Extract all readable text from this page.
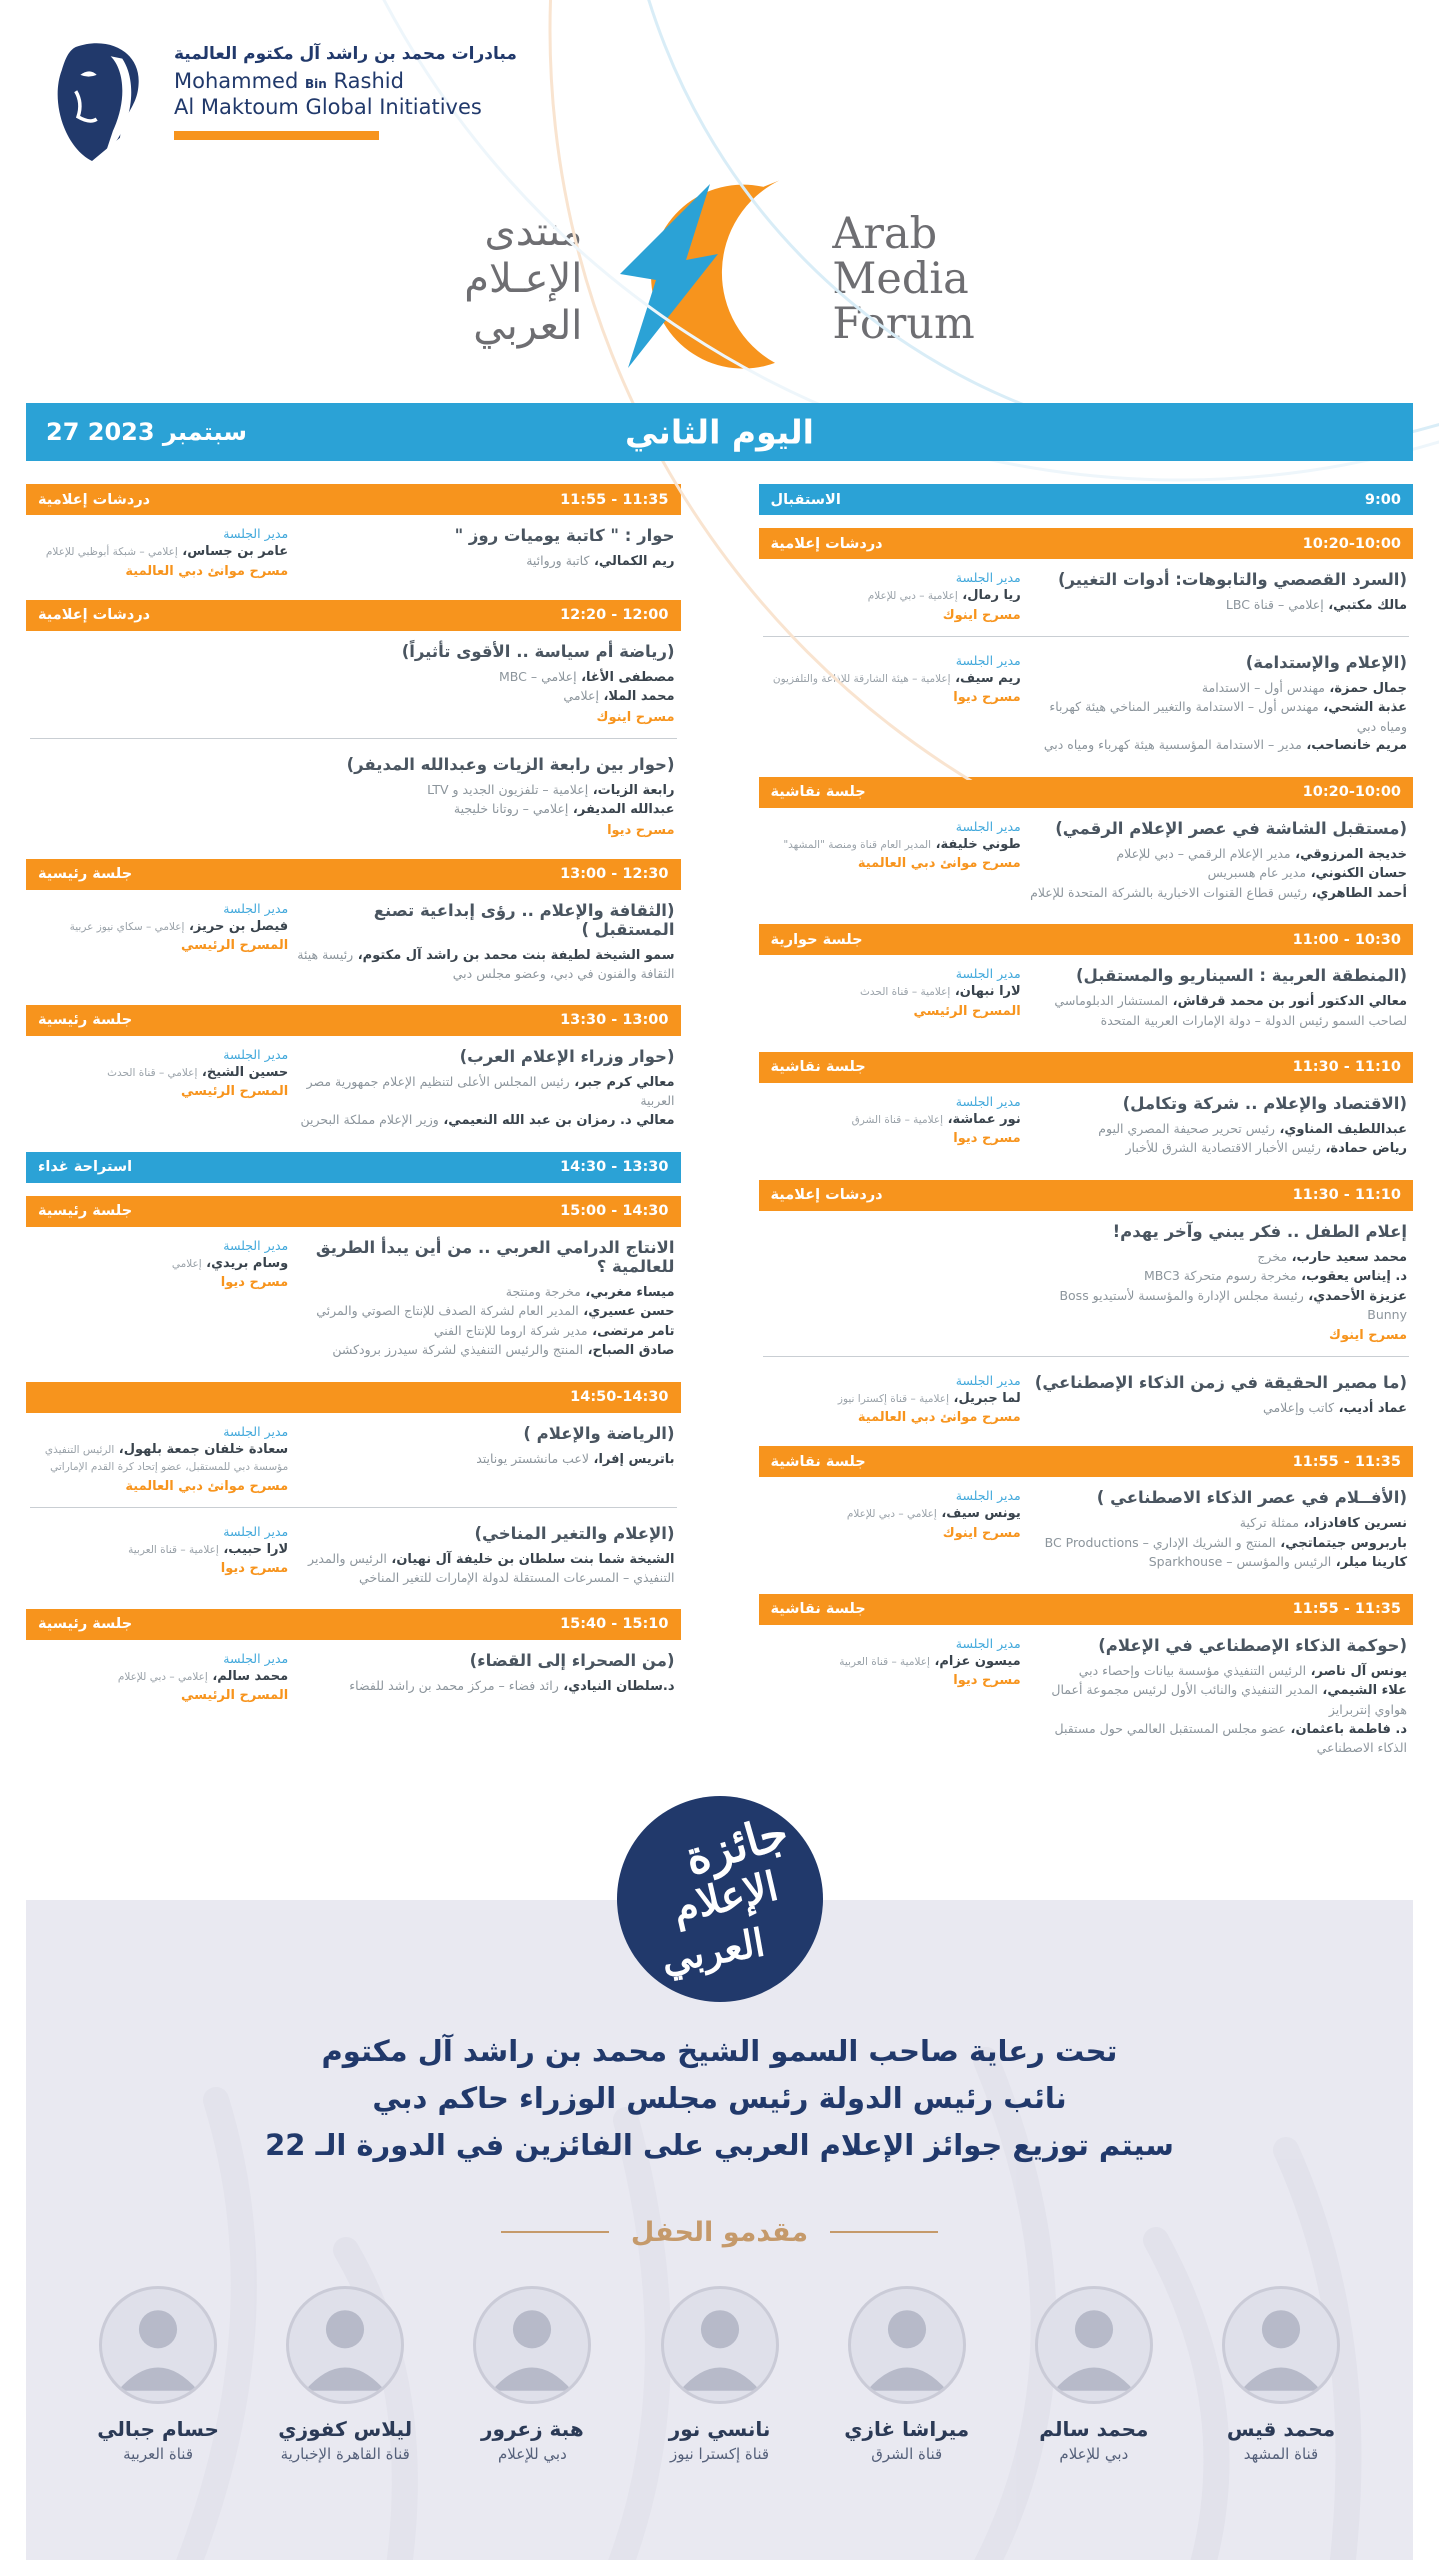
مبادرات محمد بن راشد آل مكتوم العالمية
Mohammed Bin Rashid
Al Maktoum Global Initiatives
Arab
Media
Forum
منتدى
الإعـلام
العربي
اليوم الثاني
27 سبتمبر 2023
9:00
الاستقبال
10:20-10:00
دردشات إعلامية
(السرد القصصي والتابوهات: أدوات التغيير)
مالك مكتبي، إعلامي – قناة LBC
مدير الجلسة
ريا رمال، إعلامية – دبي للإعلام
مسرح اينوك
(الإعلام والإستدامة)
جمال حمزة، مهندس أول – الاستدامة
عذبة الشحي، مهندس أول – الاستدامة والتغيير المناخي هيئة كهرباء ومياه دبي
مريم خانصاحب، مدير – الاستدامة المؤسسية هيئة كهرباء ومياه دبي
مدير الجلسة
ريم سيف، إعلامية – هيئة الشارقة للإذاعة والتلفزيون
مسرح ديوا
10:20-10:00
جلسة نقاشية
(مستقبل الشاشة في عصر الإعلام الرقمي)
خديجة المرزوقي، مدير الإعلام الرقمي – دبي للإعلام
حسان الكنوني، مدير عام هسبريس
أحمد الطاهري، رئيس قطاع القنوات الاخبارية بالشركة المتحدة للإعلام
مدير الجلسة
طوني خليفة، المدير العام قناة ومنصة "المشهد"
مسرح موانئ دبي العالمية
11:00 - 10:30
جلسة حوارية
(المنطقة العربية : السيناريو والمستقبل)
معالي الدكتور أنور بن محمد قرقاش، المستشار الدبلوماسي لصاحب السمو رئيس الدولة – دولة الإمارات العربية المتحدة
مدير الجلسة
لارا نبهان، إعلامية – قناة الحدث
المسرح الرئيسي
11:30 - 11:10
جلسة نقاشية
(الاقتصاد والإعلام .. شركة وتكامل)
عبداللطيف المناوي، رئيس تحرير صحيفة المصري اليوم
رياض حمادة، رئيس الأخبار الاقتصادية الشرق للأخبار
مدير الجلسة
نور عماشة، إعلامية – قناة الشرق
مسرح ديوا
11:30 - 11:10
دردشات إعلامية
إعلام الطفل .. فكر يبني وآخر يهدم!
محمد سعيد حارب، مخرج
د. إيناس يعقوب، مخرجة رسوم متحركة MBC3
عزيزة الأحمدي، رئيسة مجلس الإدارة والمؤسسة لأستيديو Boss Bunny
مسرح اينوك
(ما مصير الحقيقة في زمن الذكاء الإصطناعي)
عماد أديب، كاتب وإعلامي
مدير الجلسة
لما جبريل، إعلامية – قناة إكسترا نيوز
مسرح موانئ دبي العالمية
11:55 - 11:35
جلسة نقاشية
(الأفــلام في عصر الذكاء الاصطناعي )
نسرين كافادزاد، ممثلة تركية
باربروس جيتماتجي، المنتج و الشريك الإداري – BC Productions
كارينا ميلر، الرئيس والمؤسس – Sparkhouse
مدير الجلسة
يونس سيف، إعلامي – دبي للإعلام
مسرح اينوك
11:55 - 11:35
جلسة نقاشية
(حوكمة الذكاء الإصطناعي في الإعلام)
يونس آل ناصر، الرئيس التنفيذي مؤسسة بيانات وإحصاء دبي
علاء الشيمي، المدير التنفيذي والنائب الأول لرئيس مجموعة أعمال هواوي إنتربرايز
د. فاطمة باعثمان، عضو مجلس المستقبل العالمي حول مستقبل الذكاء الاصطناعي
مدير الجلسة
ميسون عزام، إعلامية – قناة العربية
مسرح ديوا
11:55 - 11:35
دردشات إعلامية
حوار : " كاتبة يوميات روز "
ريم الكمالي، كاتبة وروائية
مدير الجلسة
عامر بن جساس، إعلامي – شبكة أبوظبي للإعلام
مسرح موانئ دبي العالمية
12:20 - 12:00
دردشات إعلامية
(رياضة أم سياسة .. الأقوى تأثيراً)
مصطفى الأغا، إعلامي – MBC
محمد الملا، إعلامي
مسرح اينوك
(حوار بين رابعة الزيات وعبدالله المديفر)
رابعة الزيات، إعلامية – تلفزيون الجديد و LTV
عبدالله المديفر، إعلامي – روتانا خليجية
مسرح ديوا
13:00 - 12:30
جلسة رئيسية
(الثقافة والإعلام .. رؤى إبداعية تصنع المستقبل )
سمو الشيخة لطيفة بنت محمد بن راشد آل مكتوم، رئيسة هيئة الثقافة والفنون في دبي، وعضو مجلس دبي
مدير الجلسة
فيصل بن حريز، إعلامي – سكاي نيوز عربية
المسرح الرئيسي
13:30 - 13:00
جلسة رئيسية
(حوار وزراء الإعلام العرب)
معالي كرم جبر، رئيس المجلس الأعلى لتنظيم الإعلام جمهورية مصر العربية
معالي د. رمزان بن عبد الله النعيمي، وزير الإعلام مملكة البحرين
مدير الجلسة
حسين الشيخ، إعلامي – قناة الحدث
المسرح الرئيسي
14:30 - 13:30
استراحة غداء
15:00 - 14:30
جلسة رئيسية
الانتاج الدرامي العربي .. من أين يبدأ الطريق للعالمية ؟
ميساء مغربي، مخرجة ومنتجة
حسن عسيري، المدير العام لشركة الصدف للإنتاج الصوتي والمرئي
تامر مرتضى، مدير شركة اروما للإنتاج الفني
صادق الصباح، المنتج والرئيس التنفيذي لشركة سيدرز برودكشن
مدير الجلسة
وسام بريدي، إعلامي
مسرح ديوا
14:50-14:30
(الرياضة والإعلام )
باتريس إفرا، لاعب مانشستر يونايتد
مدير الجلسة
سعادة خلفان جمعة بلهول، الرئيس التنفيذي مؤسسة دبي للمستقبل، عضو إتحاد كرة القدم الإماراتي
مسرح موانئ دبي العالمية
(الإعلام والتغير المناخي)
الشيخة شما بنت سلطان بن خليفة آل نهيان، الرئيس والمدير التنفيذي – المسرعات المستقلة لدولة الإمارات للتغير المناخي
مدير الجلسة
لارا حبيب، إعلامية – قناة العربية
مسرح ديوا
15:40 - 15:10
جلسة رئيسية
(من الصحراء إلى القضاء)
د.سلطان النيادي، رائد فضاء – مركز محمد بن راشد للفضاء
مدير الجلسة
محمد سالم، إعلامي – دبي للإعلام
المسرح الرئيسي
جائزة
الإعلام
العربي
تحت رعاية صاحب السمو الشيخ محمد بن راشد آل مكتوم
نائب رئيس الدولة رئيس مجلس الوزراء حاكم دبي
سيتم توزيع جوائز الإعلام العربي على الفائزين في الدورة الـ 22
مقدمو الحفل
محمد قيس
قناة المشهد
محمد سالم
دبي للإعلام
ميراشا غازي
قناة الشرق
نانسي نور
قناة إكسترا نيوز
هبة زعرور
دبي للإعلام
ليلاس كفوزي
قناة القاهرة الإخبارية
حسام جبالي
قناة العربية
